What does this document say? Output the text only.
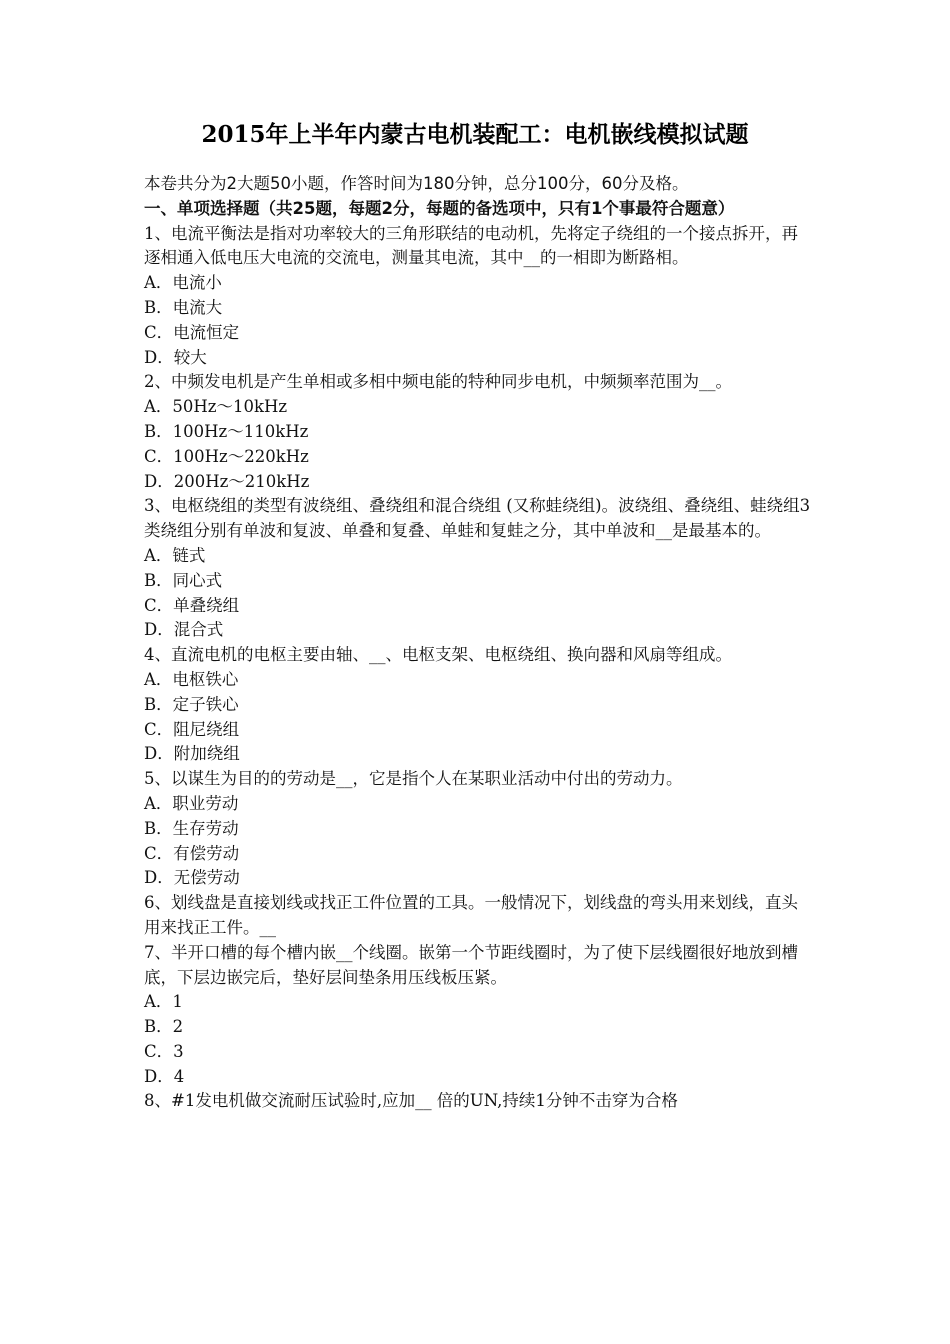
2015年上半年内蒙古电机装配工：电机嵌线模拟试题
本卷共分为2大题50小题，作答时间为180分钟，总分100分，60分及格。
一、单项选择题（共25题，每题2分，每题的备选项中，只有1个事最符合题意）
1、电流平衡法是指对功率较大的三角形联结的电动机，先将定子绕组的一个接点拆开，再逐相通入低电压大电流的交流电，测量其电流，其中__的一相即为断路相。
A．电流小
B．电流大
C．电流恒定
D．较大
2、中频发电机是产生单相或多相中频电能的特种同步电机，中频频率范围为__。
A．50Hz～10kHz
B．100Hz～110kHz
C．100Hz～220kHz
D．200Hz～210kHz
3、电枢绕组的类型有波绕组、叠绕组和混合绕组 (又称蛙绕组)。波绕组、叠绕组、蛙绕组3类绕组分别有单波和复波、单叠和复叠、单蛙和复蛙之分，其中单波和__是最基本的。
A．链式
B．同心式
C．单叠绕组
D．混合式
4、直流电机的电枢主要由轴、__、电枢支架、电枢绕组、换向器和风扇等组成。
A．电枢铁心
B．定子铁心
C．阻尼绕组
D．附加绕组
5、以谋生为目的的劳动是__，它是指个人在某职业活动中付出的劳动力。
A．职业劳动
B．生存劳动
C．有偿劳动
D．无偿劳动
6、划线盘是直接划线或找正工件位置的工具。一般情况下，划线盘的弯头用来划线，直头用来找正工件。__
7、半开口槽的每个槽内嵌__个线圈。嵌第一个节距线圈时，为了使下层线圈很好地放到槽底，下层边嵌完后，垫好层间垫条用压线板压紧。
A．1
B．2
C．3
D．4
8、#1发电机做交流耐压试验时,应加__ 倍的UN,持续1分钟不击穿为合格
